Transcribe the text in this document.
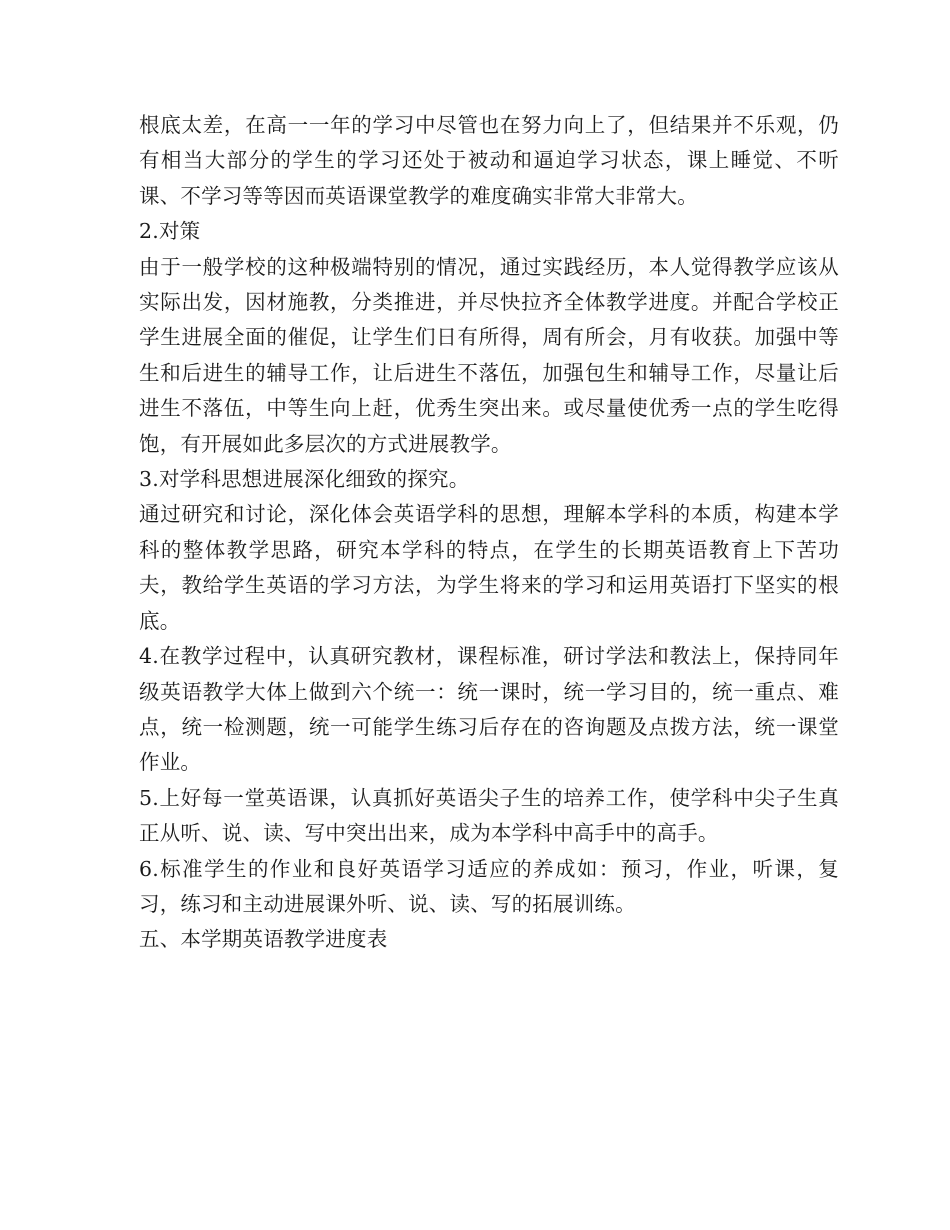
根底太差，在高一一年的学习中尽管也在努力向上了，但结果并不乐观，仍有相当大部分的学生的学习还处于被动和逼迫学习状态，课上睡觉、不听课、不学习等等因而英语课堂教学的难度确实非常大非常大。

2.对策

由于一般学校的这种极端特别的情况，通过实践经历，本人觉得教学应该从实际出发，因材施教，分类推进，并尽快拉齐全体教学进度。并配合学校正学生进展全面的催促，让学生们日有所得，周有所会，月有收获。加强中等生和后进生的辅导工作，让后进生不落伍，加强包生和辅导工作，尽量让后进生不落伍，中等生向上赶，优秀生突出来。或尽量使优秀一点的学生吃得饱，有开展如此多层次的方式进展教学。

3.对学科思想进展深化细致的探究。

通过研究和讨论，深化体会英语学科的思想，理解本学科的本质，构建本学科的整体教学思路，研究本学科的特点，在学生的长期英语教育上下苦功夫，教给学生英语的学习方法，为学生将来的学习和运用英语打下坚实的根底。

4.在教学过程中，认真研究教材，课程标准，研讨学法和教法上，保持同年级英语教学大体上做到六个统一：统一课时，统一学习目的，统一重点、难点，统一检测题，统一可能学生练习后存在的咨询题及点拨方法，统一课堂作业。

5.上好每一堂英语课，认真抓好英语尖子生的培养工作，使学科中尖子生真正从听、说、读、写中突出出来，成为本学科中高手中的高手。

6.标准学生的作业和良好英语学习适应的养成如：预习，作业，听课，复习，练习和主动进展课外听、说、读、写的拓展训练。

五、本学期英语教学进度表
